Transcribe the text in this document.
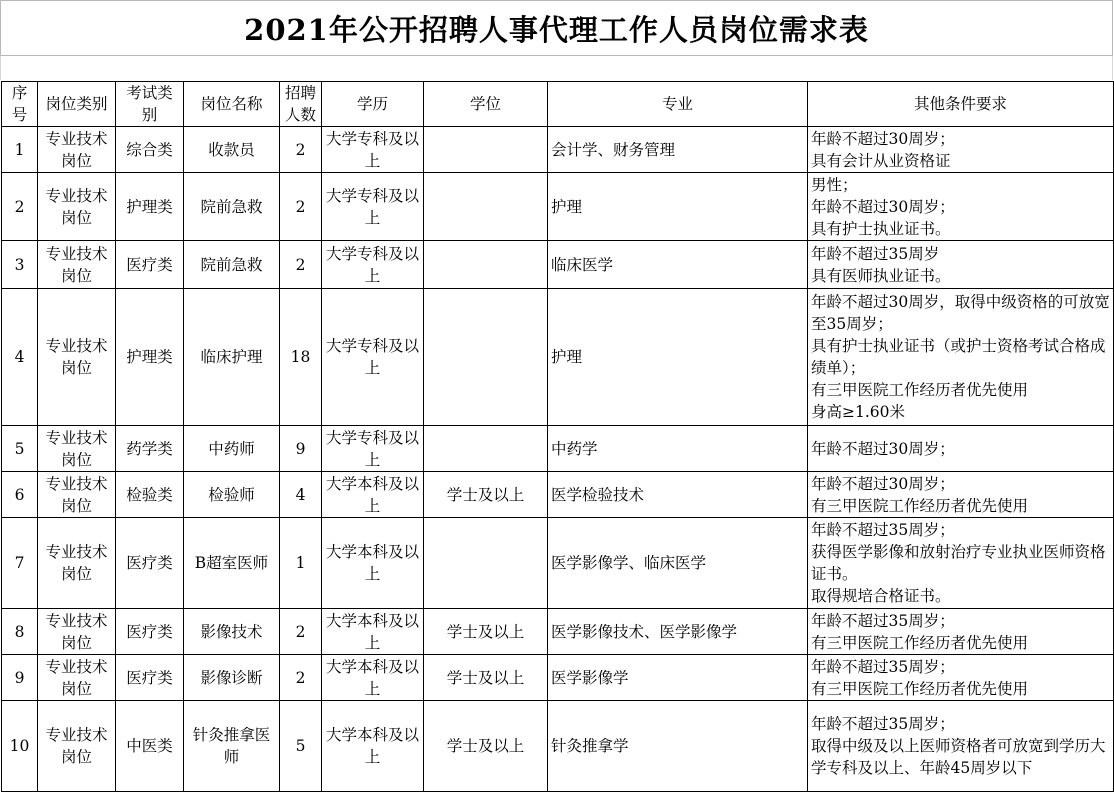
2021年公开招聘人事代理工作人员岗位需求表
序号	岗位类别	考试类别	岗位名称	招聘人数	学历	学位	专业	其他条件要求
1	专业技术岗位	综合类	收款员	2	大学专科及以上		会计学、财务管理	年龄不超过30周岁；
具有会计从业资格证
2	专业技术岗位	护理类	院前急救	2	大学专科及以上		护理	男性；
年龄不超过30周岁；
具有护士执业证书。
3	专业技术岗位	医疗类	院前急救	2	大学专科及以上		临床医学	年龄不超过35周岁
具有医师执业证书。
4	专业技术岗位	护理类	临床护理	18	大学专科及以上		护理	年龄不超过30周岁，取得中级资格的可放宽至35周岁；
具有护士执业证书（或护士资格考试合格成绩单）；
有三甲医院工作经历者优先使用
身高≥1.60米
5	专业技术岗位	药学类	中药师	9	大学专科及以上		中药学	年龄不超过30周岁；
6	专业技术岗位	检验类	检验师	4	大学本科及以上	学士及以上	医学检验技术	年龄不超过30周岁；
有三甲医院工作经历者优先使用
7	专业技术岗位	医疗类	B超室医师	1	大学本科及以上		医学影像学、临床医学	年龄不超过35周岁；
获得医学影像和放射治疗专业执业医师资格证书。
取得规培合格证书。
8	专业技术岗位	医疗类	影像技术	2	大学本科及以上	学士及以上	医学影像技术、医学影像学	年龄不超过35周岁；
有三甲医院工作经历者优先使用
9	专业技术岗位	医疗类	影像诊断	2	大学本科及以上	学士及以上	医学影像学	年龄不超过35周岁；
有三甲医院工作经历者优先使用
10	专业技术岗位	中医类	针灸推拿医师	5	大学本科及以上	学士及以上	针灸推拿学	年龄不超过35周岁；
取得中级及以上医师资格者可放宽到学历大学专科及以上、年龄45周岁以下
